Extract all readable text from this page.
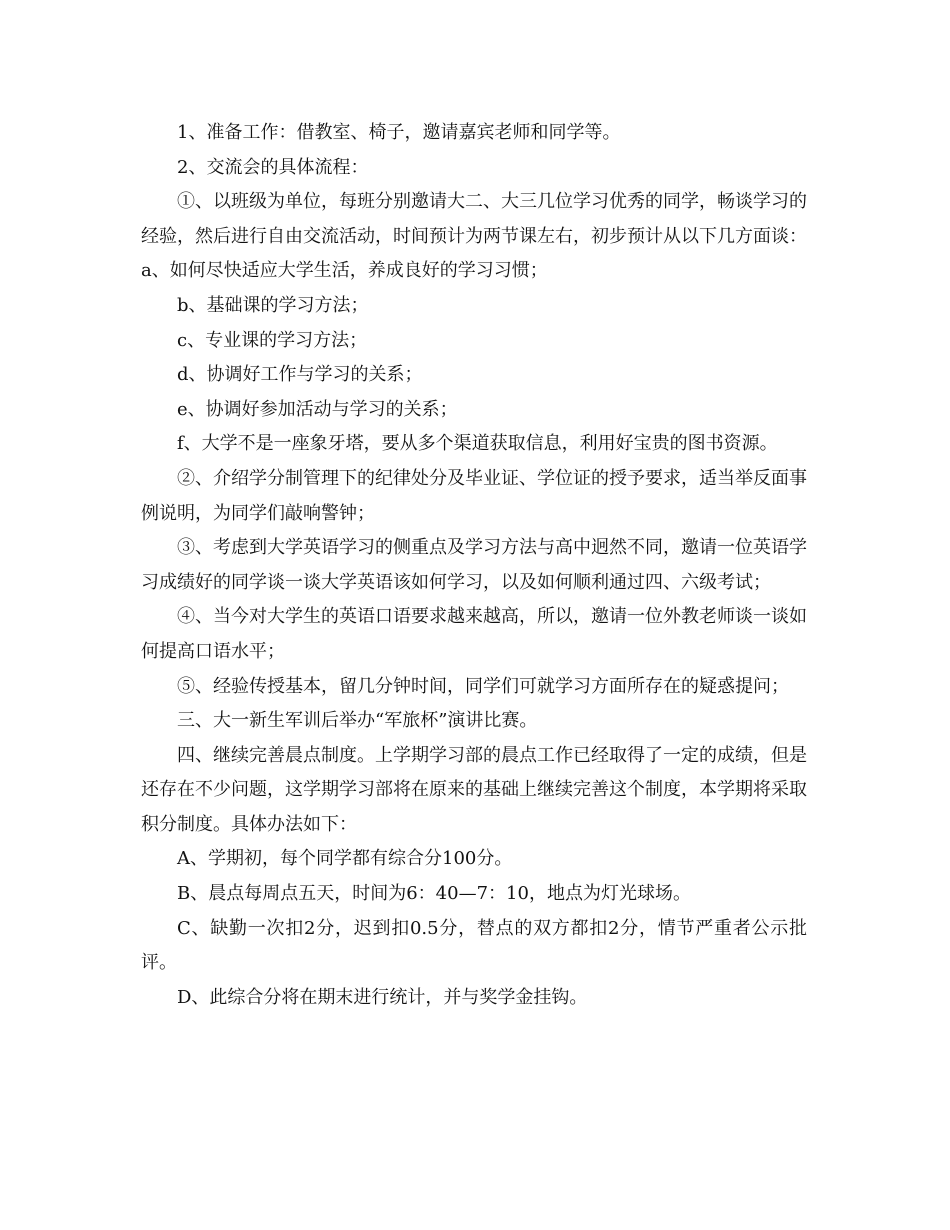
1、准备工作：借教室、椅子，邀请嘉宾老师和同学等。

2、交流会的具体流程：

①、以班级为单位，每班分别邀请大二、大三几位学习优秀的同学，畅谈学习的经验，然后进行自由交流活动，时间预计为两节课左右，初步预计从以下几方面谈：a、如何尽快适应大学生活，养成良好的学习习惯；

b、基础课的学习方法；

c、专业课的学习方法；

d、协调好工作与学习的关系；

e、协调好参加活动与学习的关系；

f、大学不是一座象牙塔，要从多个渠道获取信息，利用好宝贵的图书资源。

②、介绍学分制管理下的纪律处分及毕业证、学位证的授予要求，适当举反面事例说明，为同学们敲响警钟；

③、考虑到大学英语学习的侧重点及学习方法与高中迥然不同，邀请一位英语学习成绩好的同学谈一谈大学英语该如何学习，以及如何顺利通过四、六级考试；

④、当今对大学生的英语口语要求越来越高，所以，邀请一位外教老师谈一谈如何提高口语水平；

⑤、经验传授基本，留几分钟时间，同学们可就学习方面所存在的疑惑提问；

三、大一新生军训后举办“军旅杯”演讲比赛。

四、继续完善晨点制度。上学期学习部的晨点工作已经取得了一定的成绩，但是还存在不少问题，这学期学习部将在原来的基础上继续完善这个制度，本学期将采取积分制度。具体办法如下：

A、学期初，每个同学都有综合分100分。

B、晨点每周点五天，时间为6：40—7：10，地点为灯光球场。

C、缺勤一次扣2分，迟到扣0.5分，替点的双方都扣2分，情节严重者公示批评。

D、此综合分将在期末进行统计，并与奖学金挂钩。
